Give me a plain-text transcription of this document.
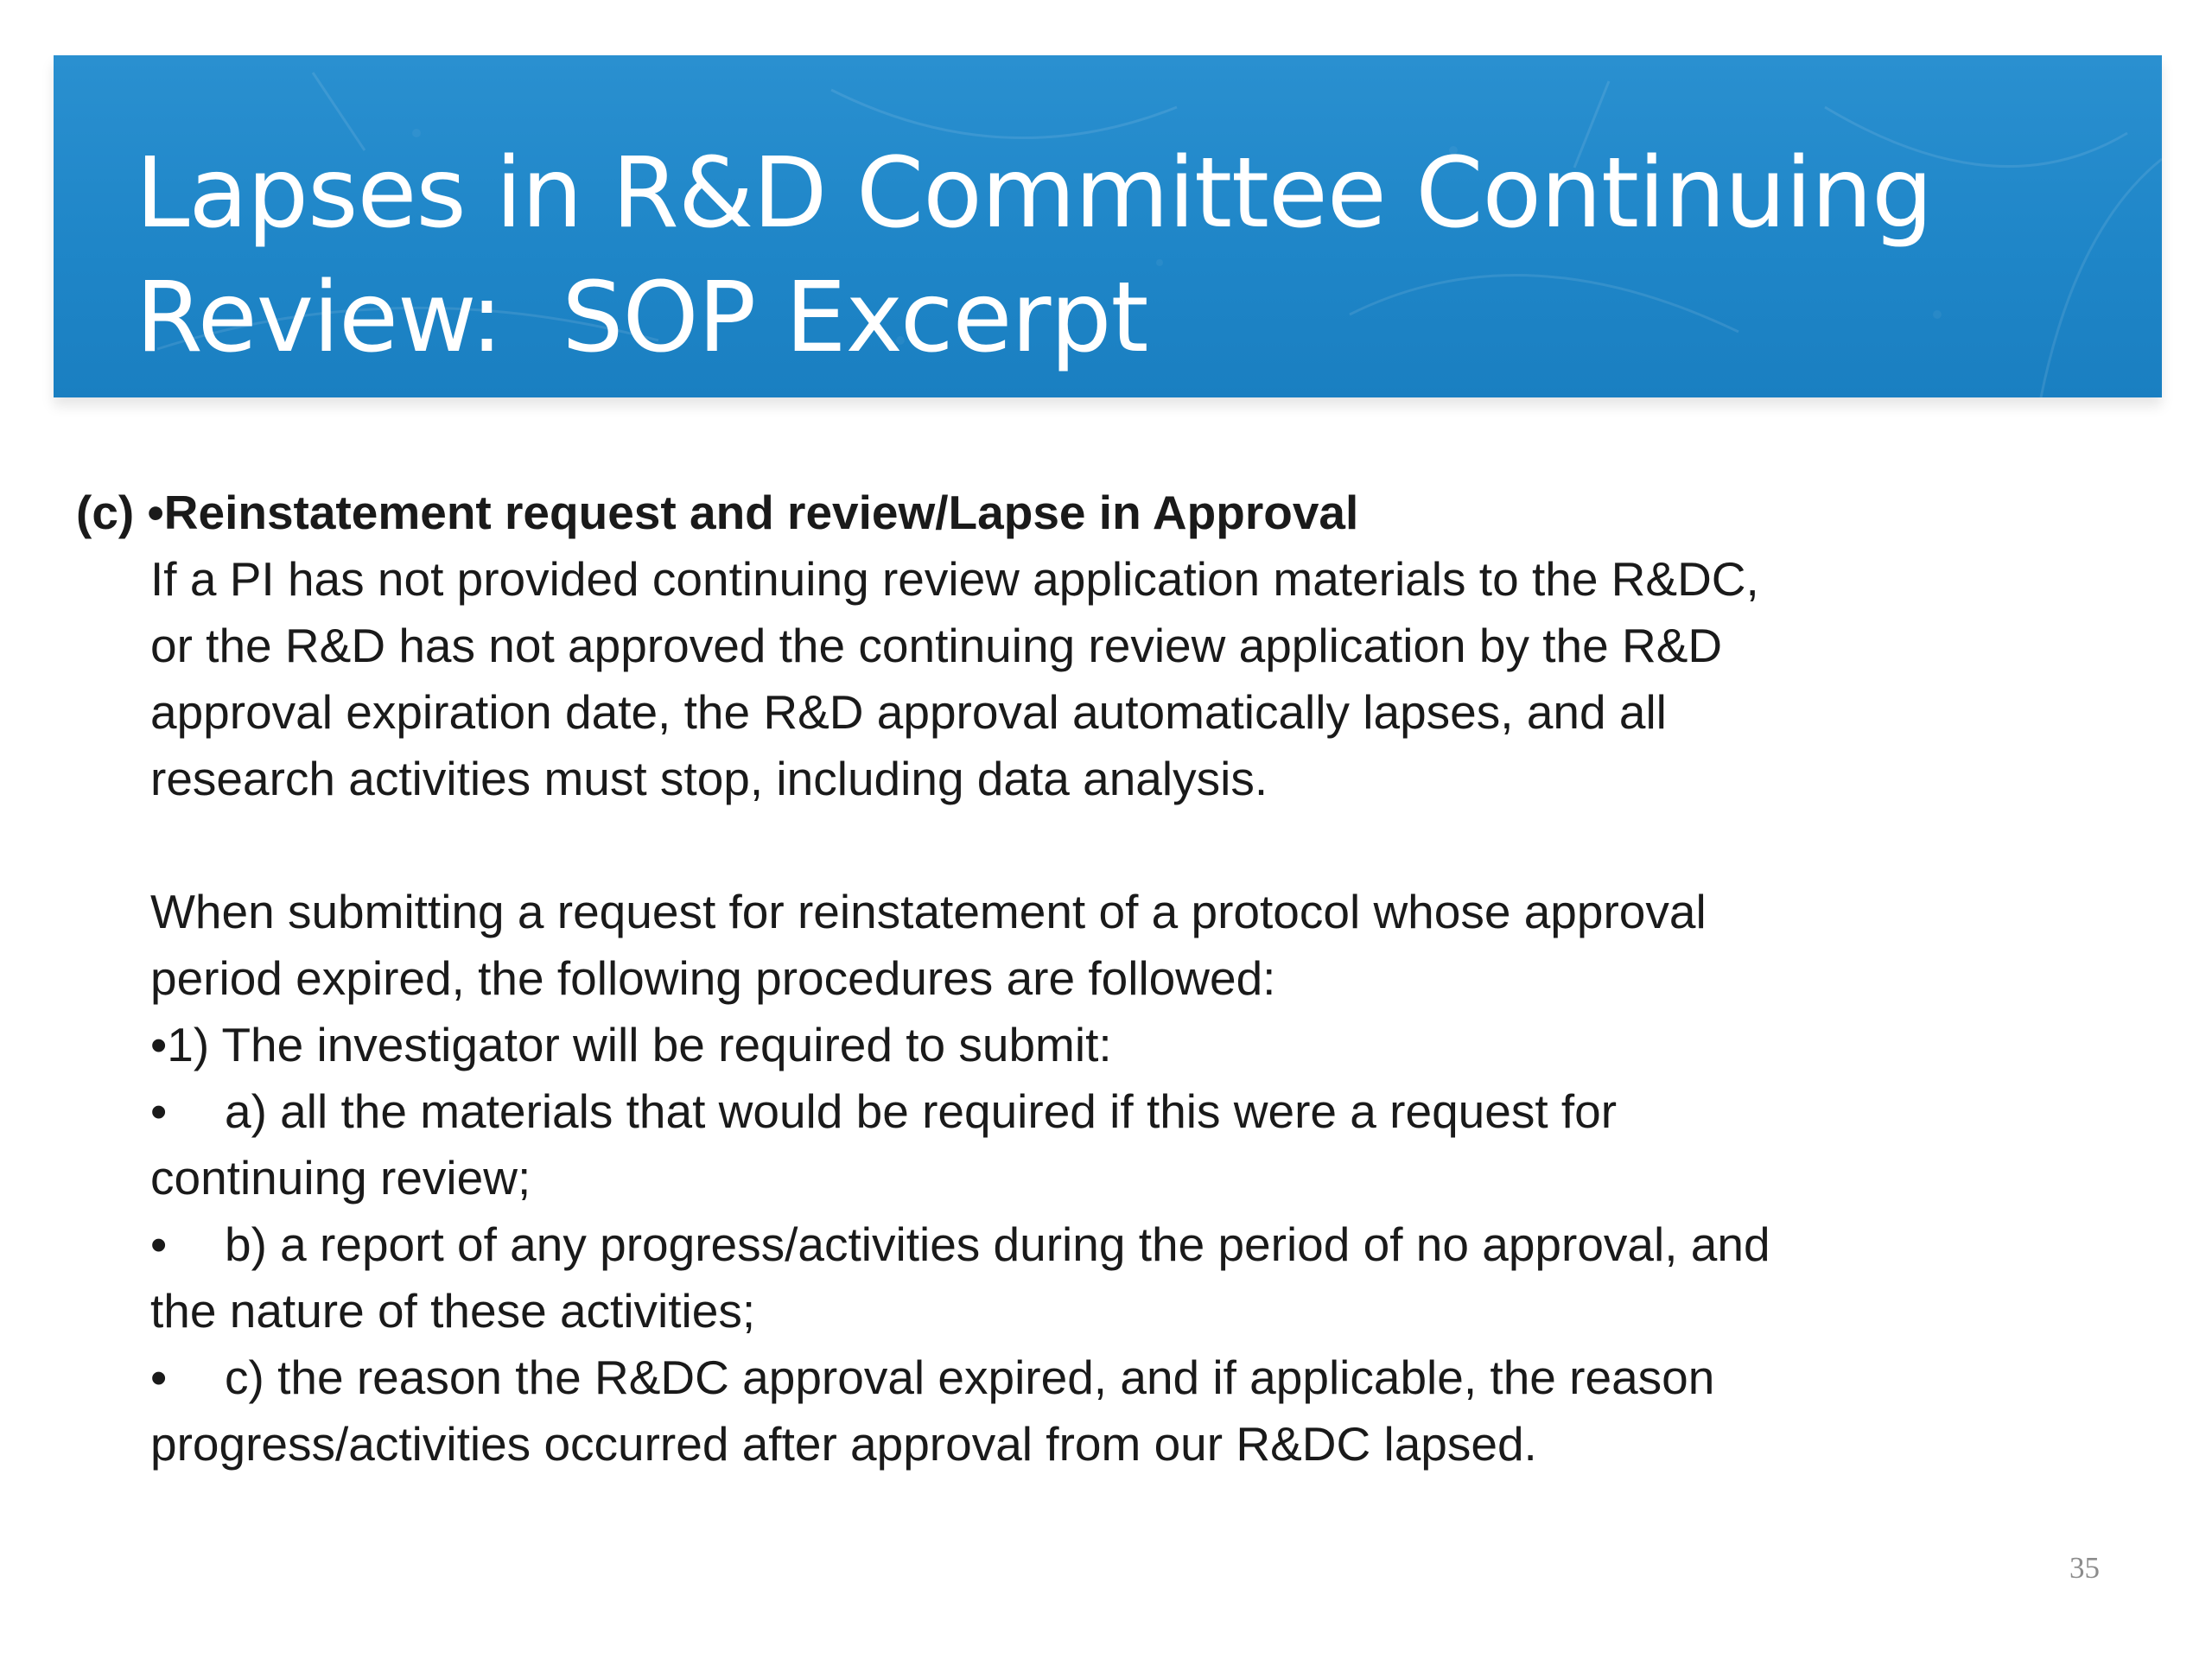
Lapses in R&D Committee Continuing
Review:  SOP Excerpt
(c) •Reinstatement request and review/Lapse in Approval
If a PI has not provided continuing review application materials to the R&DC,
or the R&D has not approved the continuing review application by the R&D
approval expiration date, the R&D approval automatically lapses, and all
research activities must stop, including data analysis.
When submitting a request for reinstatement of a protocol whose approval
period expired, the following procedures are followed:
•1) The investigator will be required to submit:
• a) all the materials that would be required if this were a request for
continuing review;
• b) a report of any progress/activities during the period of no approval, and
the nature of these activities;
• c) the reason the R&DC approval expired, and if applicable, the reason
progress/activities occurred after approval from our R&DC lapsed.
35
